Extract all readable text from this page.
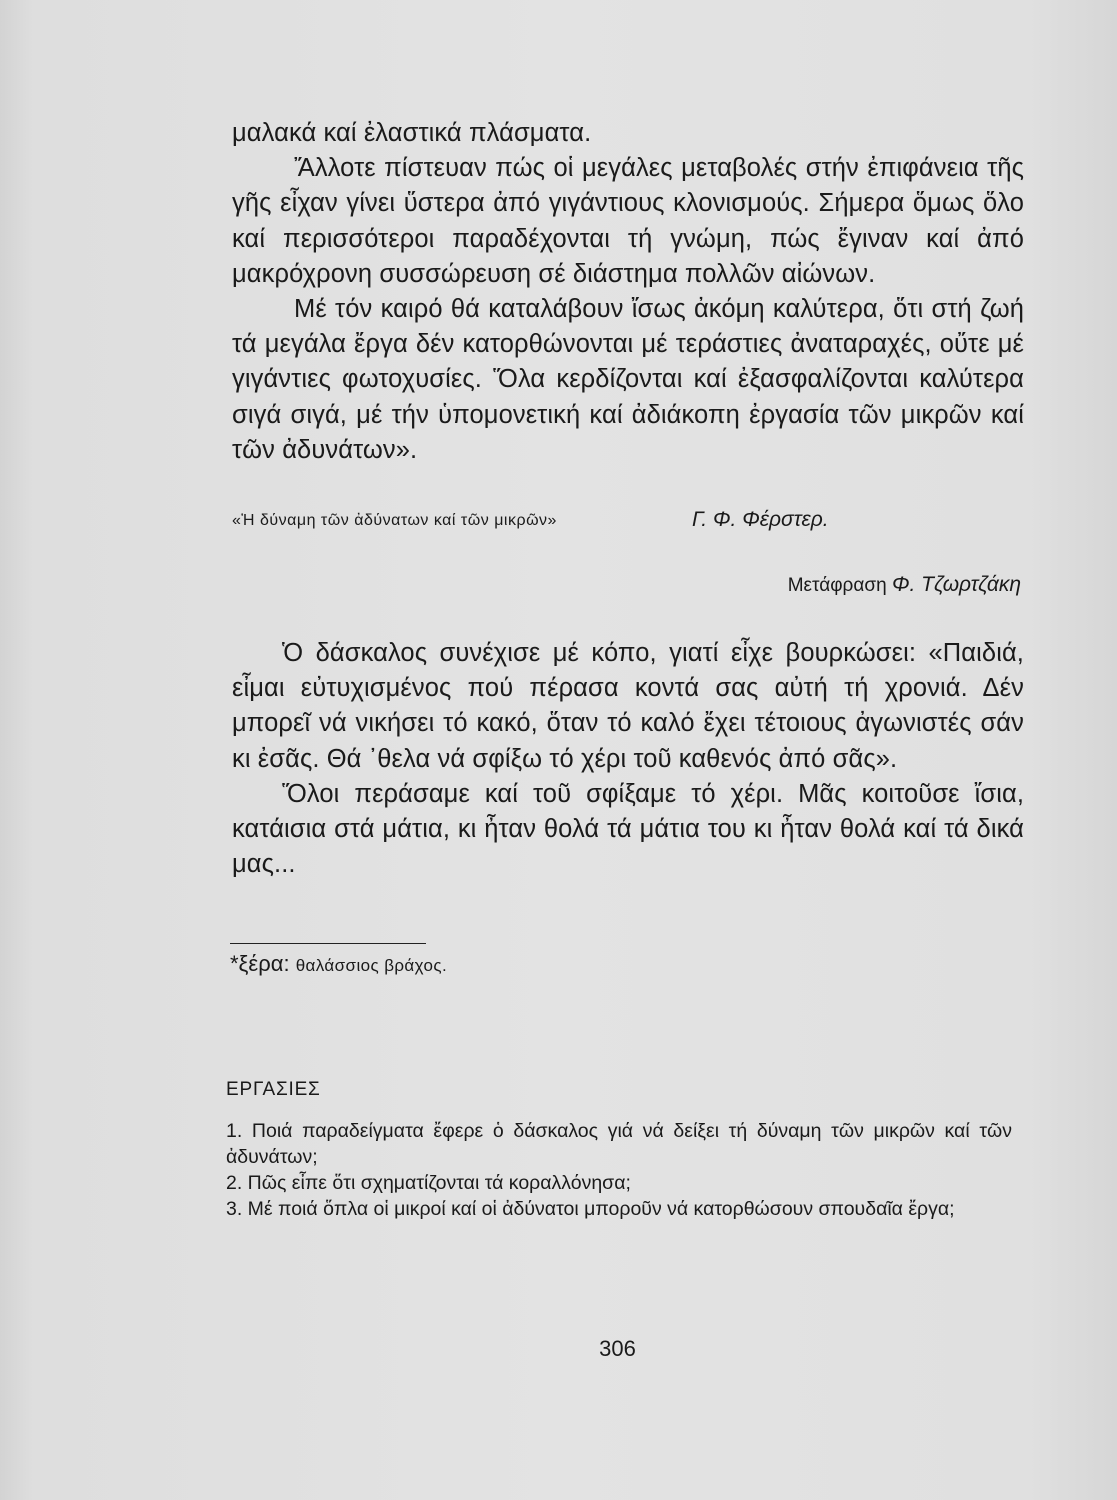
μαλακά καί ἐλαστικά πλάσματα.

Ἄλλοτε πίστευαν πώς οἱ μεγάλες μεταβολές στήν ἐπιφάνεια τῆς γῆς εἶχαν γίνει ὕστερα ἀπό γιγάντιους κλονισμούς. Σήμερα ὅμως ὅλο καί περισσότεροι παραδέχονται τή γνώμη, πώς ἔγιναν καί ἀπό μακρόχρονη συσσώρευση σέ διάστημα πολλῶν αἰώνων.

Μέ τόν καιρό θά καταλάβουν ἴσως ἀκόμη καλύτερα, ὅτι στή ζωή τά μεγάλα ἔργα δέν κατορθώνονται μέ τεράστιες ἀναταραχές, οὔτε μέ γιγάντιες φωτοχυσίες. Ὅλα κερδίζονται καί ἐξασφαλίζονται καλύτερα σιγά σιγά, μέ τήν ὑπομονετική καί ἀδιάκοπη ἐργασία τῶν μικρῶν καί τῶν ἀδυνάτων».

«Ἡ δύναμη τῶν ἀδύνατων καί τῶν μικρῶν»	Γ. Φ. Φέρστερ.
Μετάφραση Φ. Τζωρτζάκη

Ὁ δάσκαλος συνέχισε μέ κόπο, γιατί εἶχε βουρκώσει: «Παιδιά, εἶμαι εὐτυχισμένος πού πέρασα κοντά σας αὐτή τή χρονιά. Δέν μπορεῖ νά νικήσει τό κακό, ὅταν τό καλό ἔχει τέτοιους ἀγωνιστές σάν κι ἐσᾶς. Θά ᾽θελα νά σφίξω τό χέρι τοῦ καθενός ἀπό σᾶς».

Ὅλοι περάσαμε καί τοῦ σφίξαμε τό χέρι. Μᾶς κοιτοῦσε ἴσια, κατάισια στά μάτια, κι ἦταν θολά τά μάτια του κι ἦταν θολά καί τά δικά μας...

*ξέρα: θαλάσσιος βράχος.
ΕΡΓΑΣΙΕΣ

1. Ποιά παραδείγματα ἔφερε ὁ δάσκαλος γιά νά δείξει τή δύναμη τῶν μικρῶν καί τῶν ἀδυνάτων;

2. Πῶς εἶπε ὅτι σχηματίζονται τά κοραλλόνησα;

3. Μέ ποιά ὅπλα οἱ μικροί καί οἱ ἀδύνατοι μποροῦν νά κατορθώσουν σπουδαῖα ἔργα;

306
